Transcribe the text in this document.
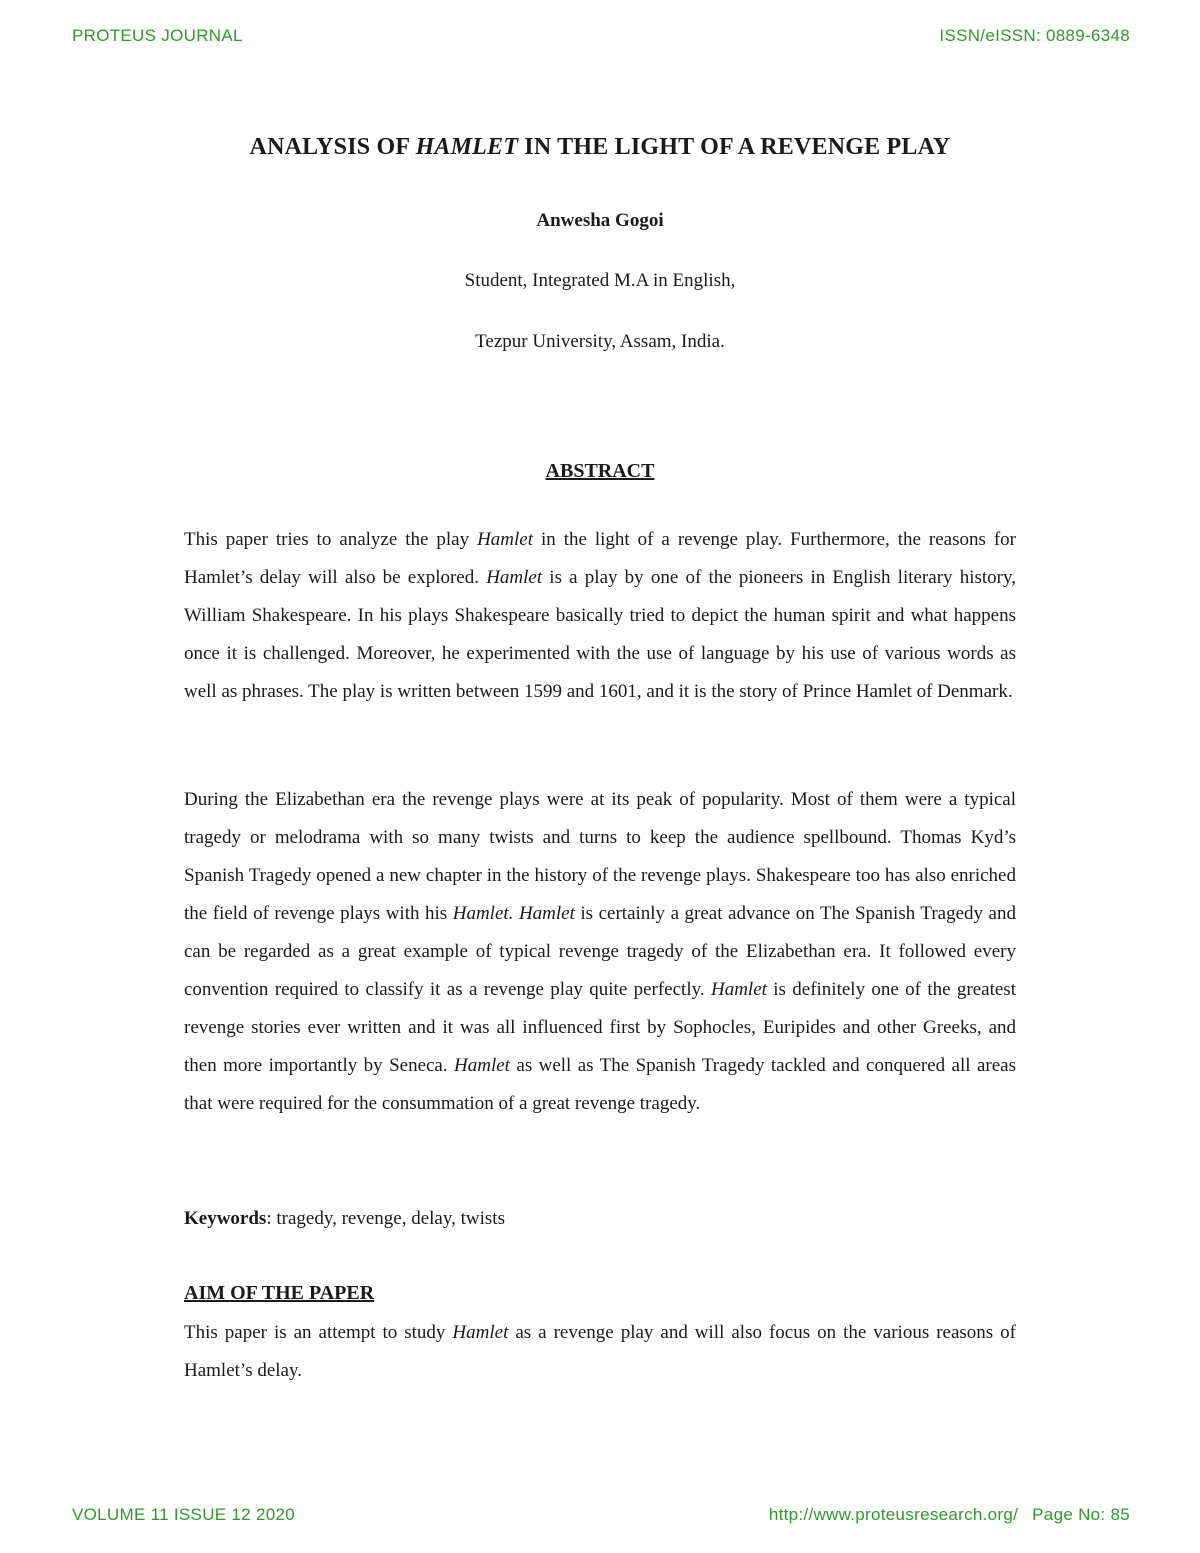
PROTEUS JOURNAL	ISSN/eISSN: 0889-6348
ANALYSIS OF HAMLET IN THE LIGHT OF A REVENGE PLAY
Anwesha Gogoi
Student, Integrated M.A in English,
Tezpur University, Assam, India.
ABSTRACT

This paper tries to analyze the play Hamlet in the light of a revenge play. Furthermore, the reasons for Hamlet’s delay will also be explored. Hamlet is a play by one of the pioneers in English literary history, William Shakespeare. In his plays Shakespeare basically tried to depict the human spirit and what happens once it is challenged. Moreover, he experimented with the use of language by his use of various words as well as phrases. The play is written between 1599 and 1601, and it is the story of Prince Hamlet of Denmark.

During the Elizabethan era the revenge plays were at its peak of popularity. Most of them were a typical tragedy or melodrama with so many twists and turns to keep the audience spellbound. Thomas Kyd’s Spanish Tragedy opened a new chapter in the history of the revenge plays. Shakespeare too has also enriched the field of revenge plays with his Hamlet. Hamlet is certainly a great advance on The Spanish Tragedy and can be regarded as a great example of typical revenge tragedy of the Elizabethan era. It followed every convention required to classify it as a revenge play quite perfectly. Hamlet is definitely one of the greatest revenge stories ever written and it was all influenced first by Sophocles, Euripides and other Greeks, and then more importantly by Seneca. Hamlet as well as The Spanish Tragedy tackled and conquered all areas that were required for the consummation of a great revenge tragedy.

Keywords: tragedy, revenge, delay, twists

AIM OF THE PAPER

This paper is an attempt to study Hamlet as a revenge play and will also focus on the various reasons of Hamlet’s delay.

VOLUME 11 ISSUE 12 2020	http://www.proteusresearch.org/ Page No: 85
